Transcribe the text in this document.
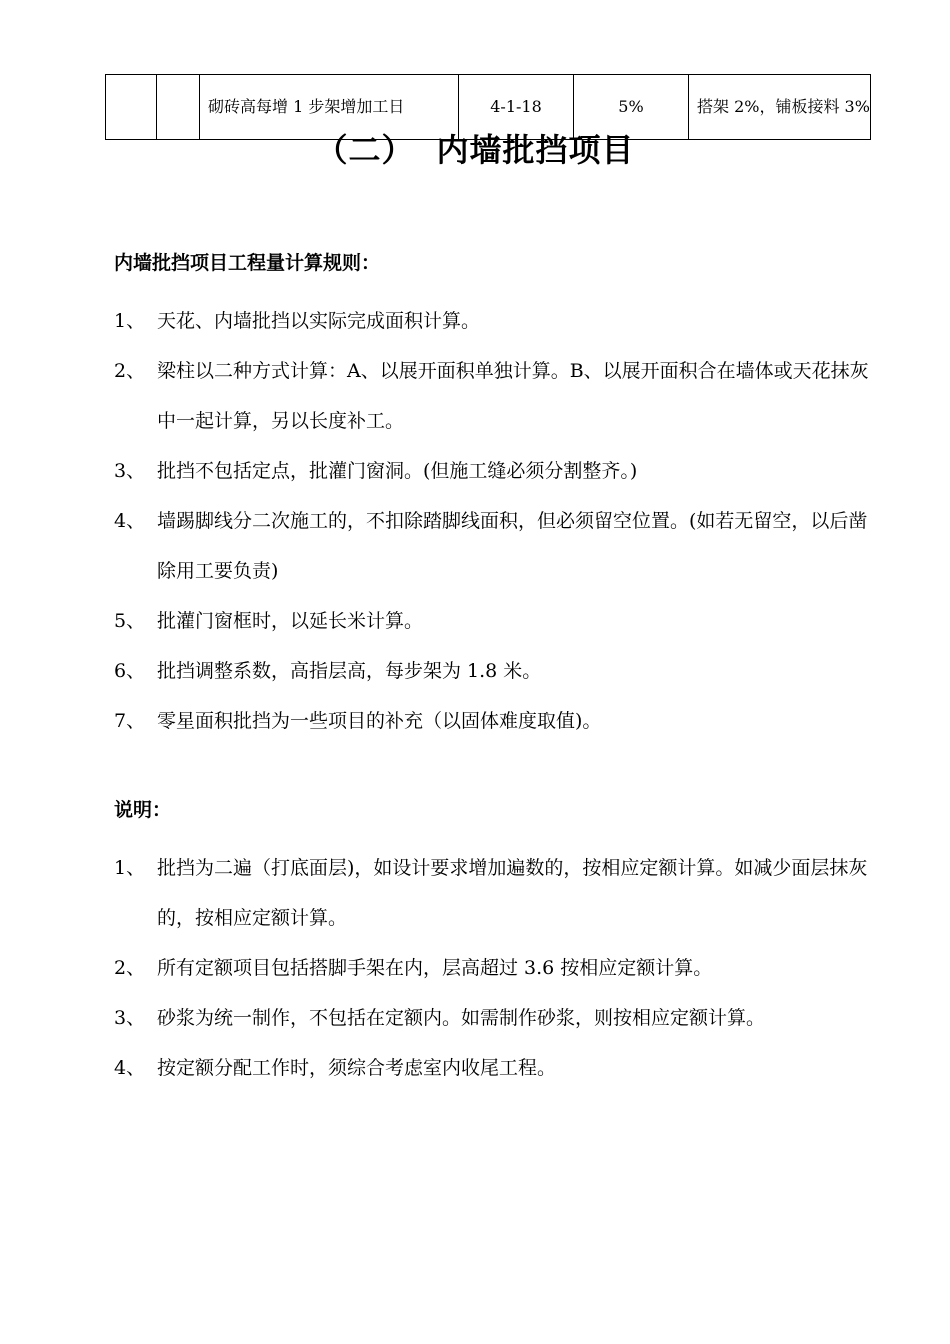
		砌砖高每增 1 步架增加工日	4-1-18	5%	搭架 2%，铺板接料 3%
（二） 内墙批挡项目
内墙批挡项目工程量计算规则：
1、 天花、内墙批挡以实际完成面积计算。
2、 梁柱以二种方式计算：A、以展开面积单独计算。B、以展开面积合在墙体或天花抹灰中一起计算，另以长度补工。
3、 批挡不包括定点，批灌门窗洞。(但施工缝必须分割整齐。)
4、 墙踢脚线分二次施工的，不扣除踏脚线面积，但必须留空位置。(如若无留空，以后凿除用工要负责)
5、 批灌门窗框时，以延长米计算。
6、 批挡调整系数，高指层高，每步架为 1.8 米。
7、 零星面积批挡为一些项目的补充（以固体难度取值)。
说明：
1、 批挡为二遍（打底面层)，如设计要求增加遍数的，按相应定额计算。如减少面层抹灰的，按相应定额计算。
2、 所有定额项目包括搭脚手架在内，层高超过 3.6 按相应定额计算。
3、 砂浆为统一制作，不包括在定额内。如需制作砂浆，则按相应定额计算。
4、 按定额分配工作时，须综合考虑室内收尾工程。
